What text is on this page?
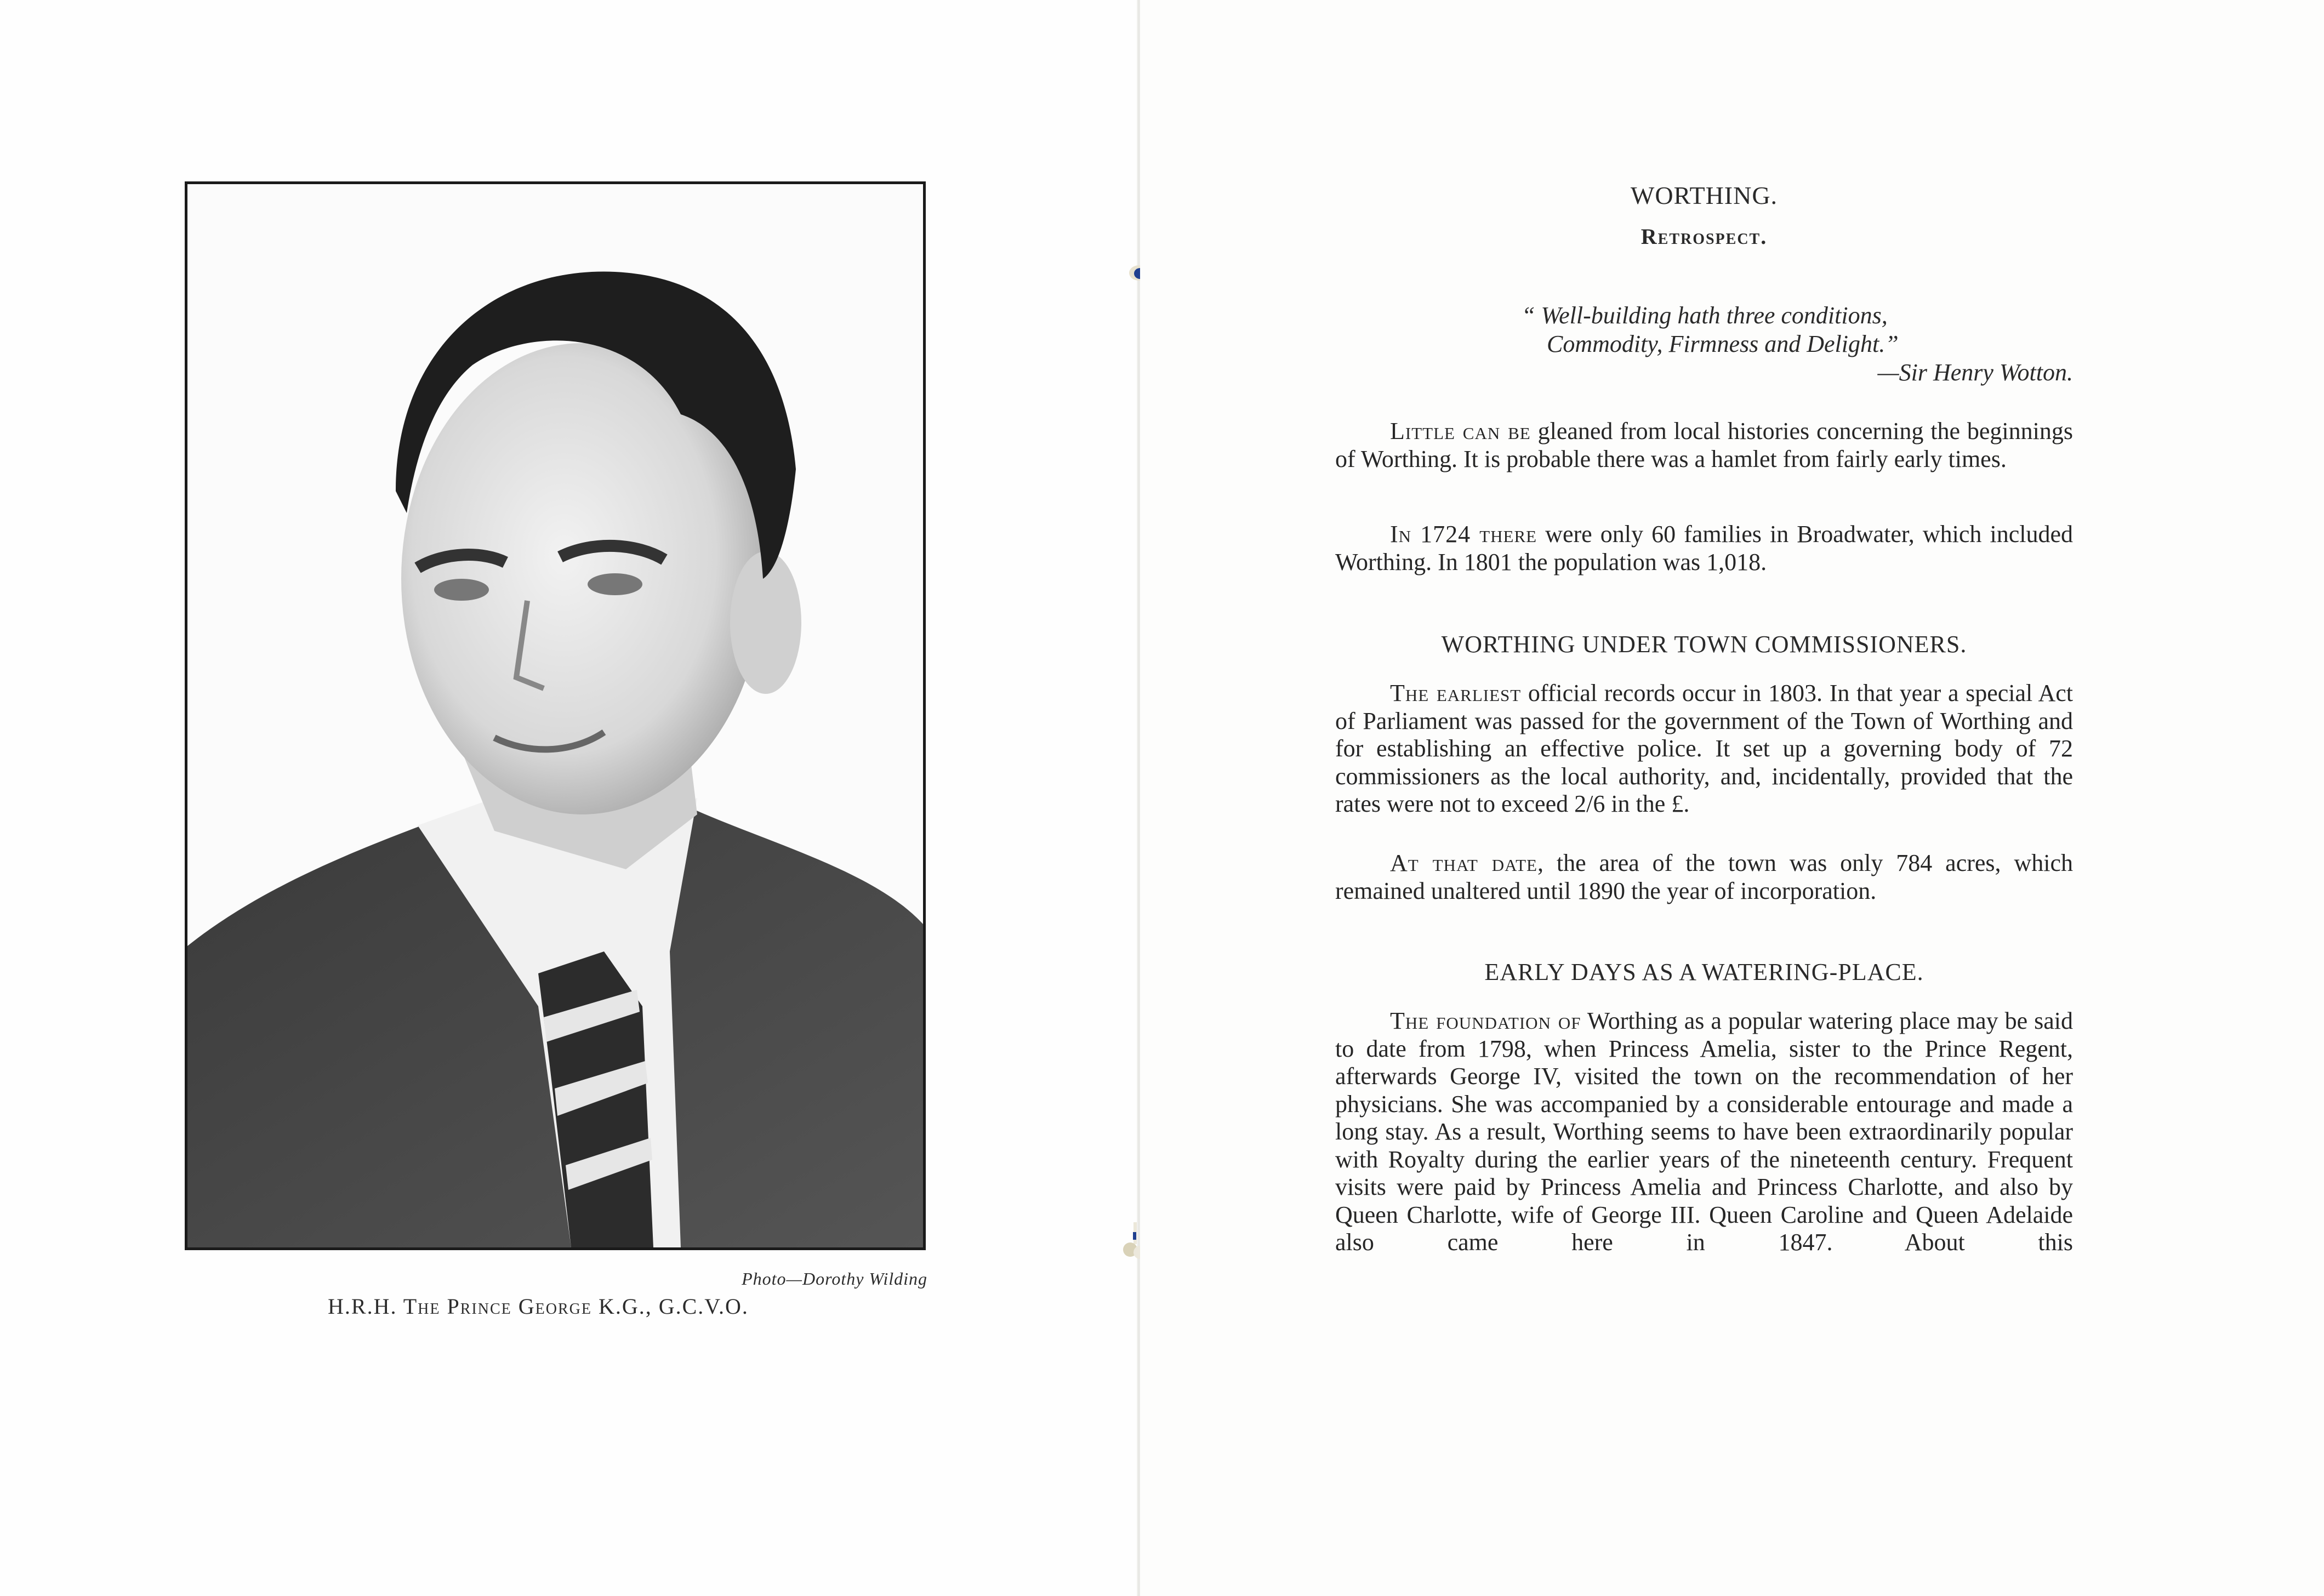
Photo—Dorothy Wilding
H.R.H. The Prince George K.G., G.C.V.O.
WORTHING.
Retrospect.
“ Well-building hath three conditions,
Commodity, Firmness and Delight.”
—Sir Henry Wotton.

Little can be gleaned from local histories concerning the beginnings of Worthing. It is probable there was a hamlet from fairly early times.

In 1724 there were only 60 families in Broadwater, which included Worthing. In 1801 the population was 1,018.

WORTHING UNDER TOWN COMMISSIONERS.

The earliest official records occur in 1803. In that year a special Act of Parliament was passed for the government of the Town of Worthing and for establishing an effective police. It set up a governing body of 72 commissioners as the local authority, and, incidentally, provided that the rates were not to exceed 2/6 in the £.

At that date, the area of the town was only 784 acres, which remained unaltered until 1890 the year of incorporation.

EARLY DAYS AS A WATERING-PLACE.

The foundation of Worthing as a popular watering place may be said to date from 1798, when Princess Amelia, sister to the Prince Regent, afterwards George IV, visited the town on the recommendation of her physicians. She was accompanied by a considerable entourage and made a long stay. As a result, Worthing seems to have been extraordinarily popular with Royalty during the earlier years of the nineteenth century. Frequent visits were paid by Princess Amelia and Princess Charlotte, and also by Queen Charlotte, wife of George III. Queen Caroline and Queen Adelaide also came here in 1847. About this
